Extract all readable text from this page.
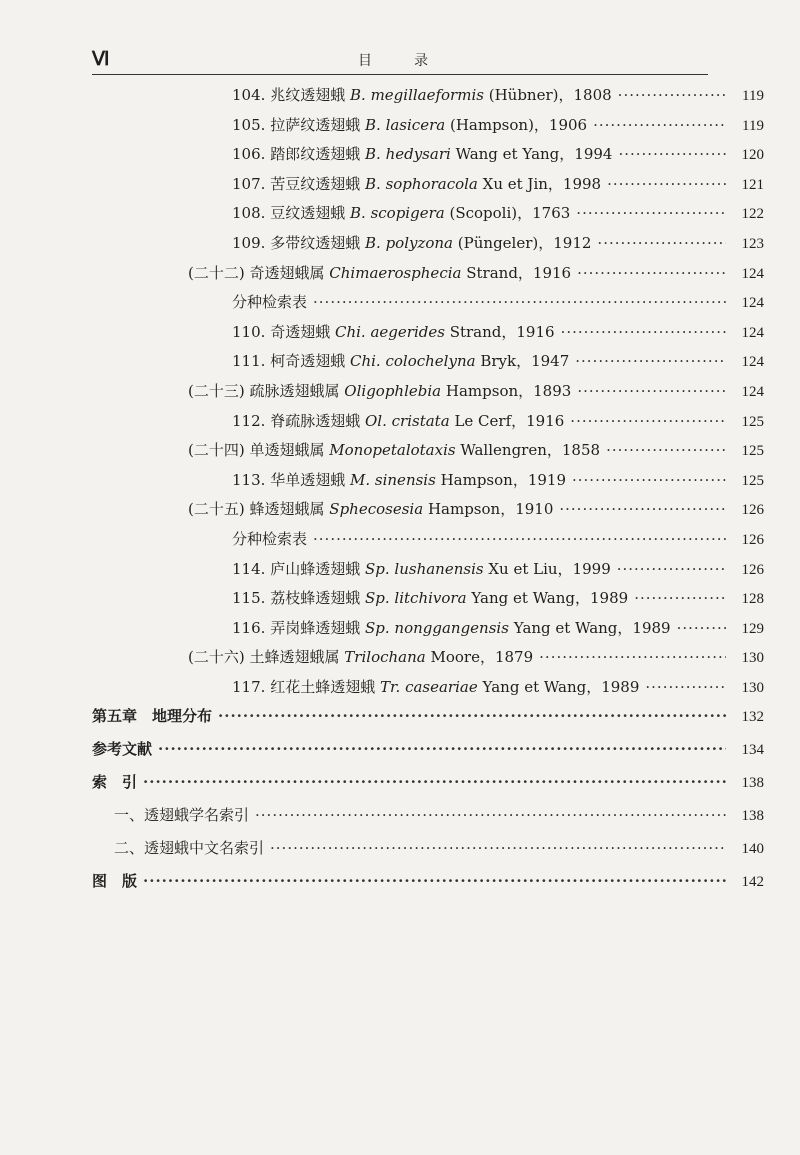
Ⅵ	目　录
104. 兆纹透翅蛾 B. megillaeformis (Hübner)，1808 ·····	119
105. 拉萨纹透翅蛾 B. lasicera (Hampson)，1906 ·····	119
106. 踏郎纹透翅蛾 B. hedysari Wang et Yang，1994 ·····	120
107. 苦豆纹透翅蛾 B. sophoracola Xu et Jin，1998 ·····	121
108. 豆纹透翅蛾 B. scopigera (Scopoli)，1763 ·····	122
109. 多带纹透翅蛾 B. polyzona (Püngeler)，1912 ·····	123
(二十二) 奇透翅蛾属 Chimaerosphecia Strand，1916 ·····	124
分种检索表 ·····	124
110. 奇透翅蛾 Chi. aegerides Strand，1916 ·····	124
111. 柯奇透翅蛾 Chi. colochelyna Bryk，1947 ·····	124
(二十三) 疏脉透翅蛾属 Oligophlebia Hampson，1893 ·····	124
112. 脊疏脉透翅蛾 Ol. cristata Le Cerf，1916 ·····	125
(二十四) 单透翅蛾属 Monopetalotaxis Wallengren，1858 ·····	125
113. 华单透翅蛾 M. sinensis Hampson，1919 ·····	125
(二十五) 蜂透翅蛾属 Sphecosesia Hampson，1910 ·····	126
分种检索表 ·····	126
114. 庐山蜂透翅蛾 Sp. lushanensis Xu et Liu，1999 ·····	126
115. 荔枝蜂透翅蛾 Sp. litchivora Yang et Wang，1989 ·····	128
116. 弄岗蜂透翅蛾 Sp. nonggangensis Yang et Wang，1989 ·····	129
(二十六) 土蜂透翅蛾属 Trilochana Moore，1879 ·····	130
117. 红花土蜂透翅蛾 Tr. caseariae Yang et Wang，1989 ·····	130
第五章　地理分布 ·····	132
参考文献 ·····	134
索　引 ·····	138
一、透翅蛾学名索引 ·····	138
二、透翅蛾中文名索引 ·····	140
图　版 ·····	142
